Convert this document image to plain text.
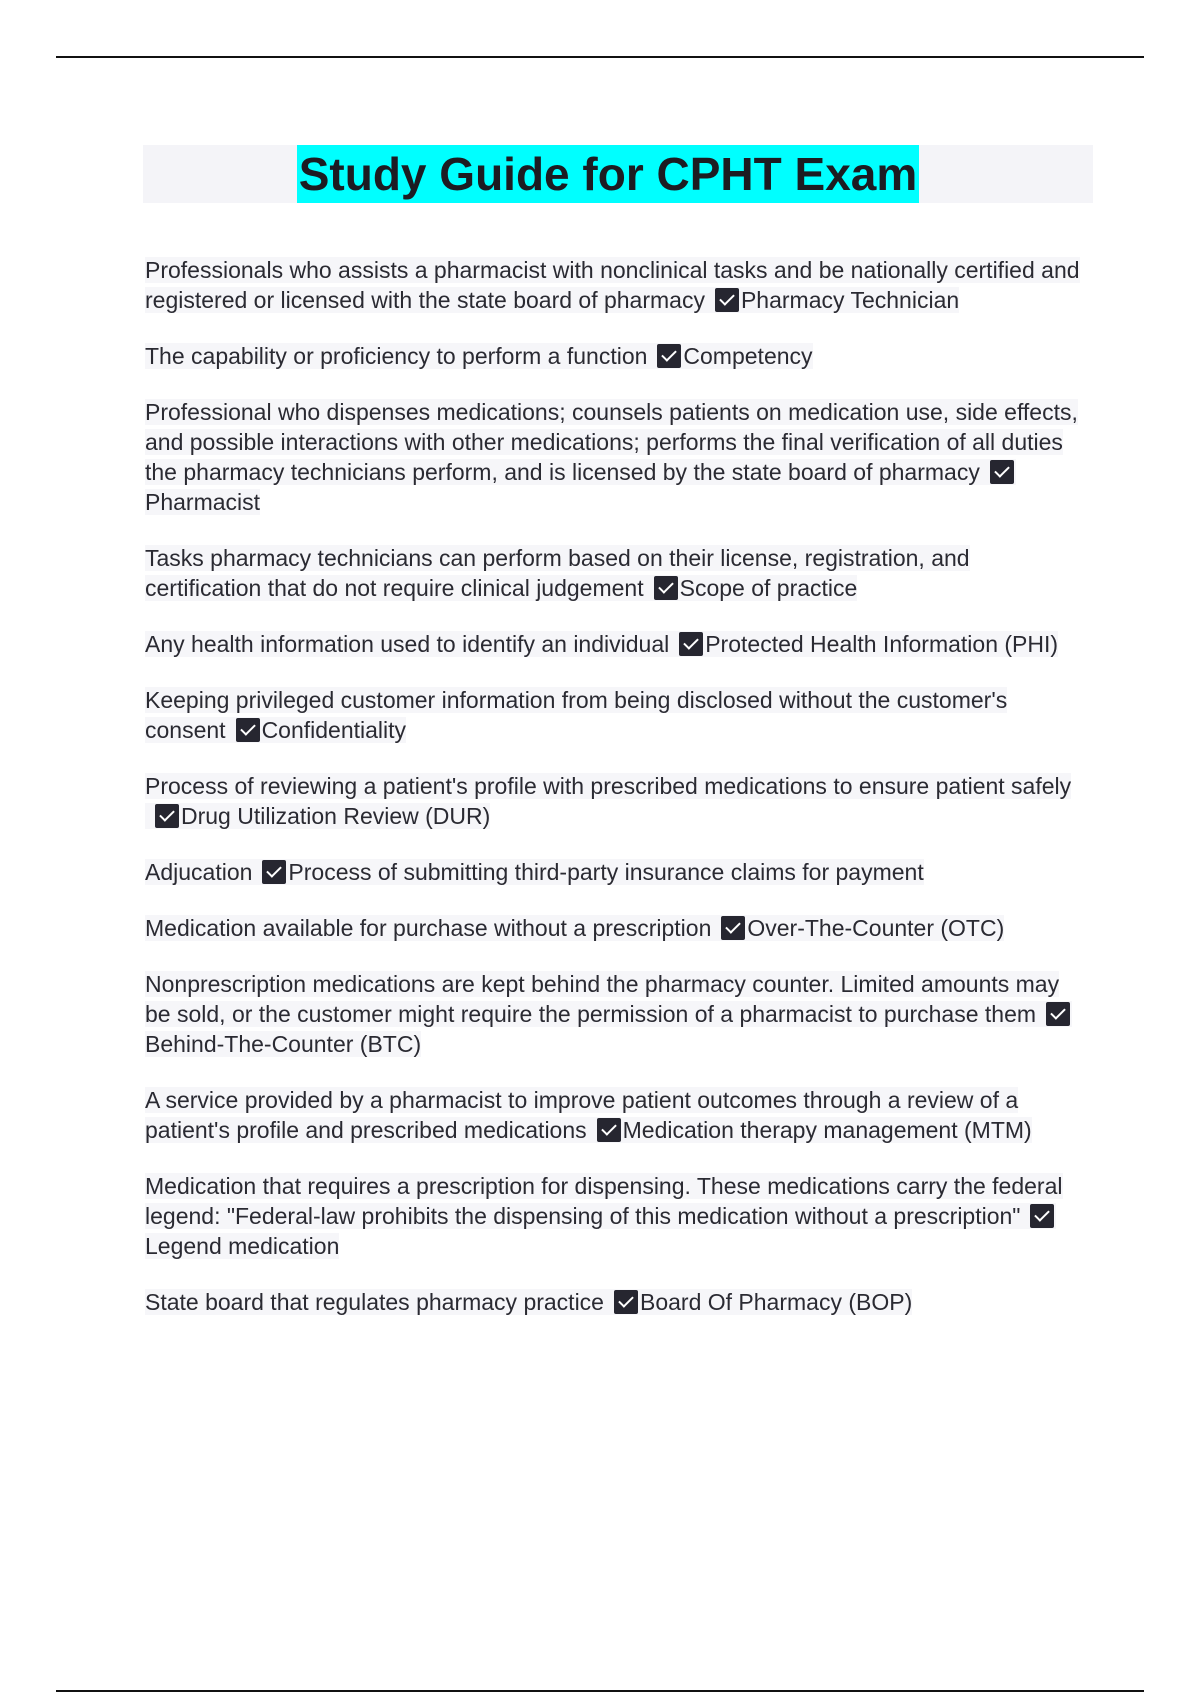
Study Guide for CPHT Exam

Professionals who assists a pharmacist with nonclinical tasks and be nationally certified and registered or licensed with the state board of pharmacy Pharmacy Technician

The capability or proficiency to perform a function Competency

Professional who dispenses medications; counsels patients on medication use, side effects, and possible interactions with other medications; performs the final verification of all duties the pharmacy technicians perform, and is licensed by the state board of pharmacyPharmacist

Tasks pharmacy technicians can perform based on their license, registration, and certification that do not require clinical judgement Scope of practice

Any health information used to identify an individual Protected Health Information (PHI)

Keeping privileged customer information from being disclosed without the customer's consent Confidentiality

Process of reviewing a patient's profile with prescribed medications to ensure patient safelyDrug Utilization Review (DUR)

Adjucation Process of submitting third-party insurance claims for payment

Medication available for purchase without a prescription Over-The-Counter (OTC)

Nonprescription medications are kept behind the pharmacy counter. Limited amounts may be sold, or the customer might require the permission of a pharmacist to purchase themBehind-The-Counter (BTC)

A service provided by a pharmacist to improve patient outcomes through a review of a patient's profile and prescribed medications Medication therapy management (MTM)

Medication that requires a prescription for dispensing. These medications carry the federal legend: "Federal-law prohibits the dispensing of this medication without a prescription"Legend medication

State board that regulates pharmacy practice Board Of Pharmacy (BOP)
